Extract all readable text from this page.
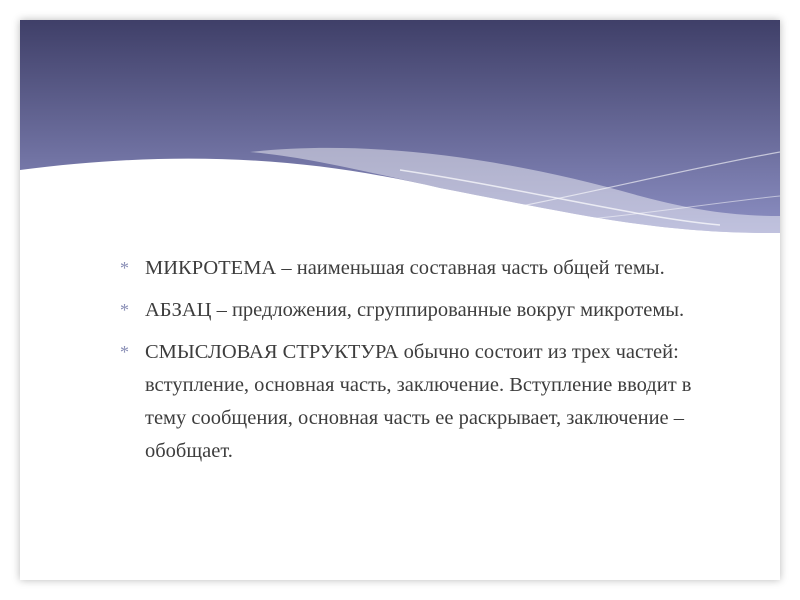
* МИКРОТЕМА – наименьшая составная часть общей темы.
* АБЗАЦ – предложения, сгруппированные вокруг микротемы.
* СМЫСЛОВАЯ СТРУКТУРА обычно состоит из трех частей: вступление, основная часть, заключение. Вступление вводит в тему сообщения, основная часть ее раскрывает, заключение – обобщает.
